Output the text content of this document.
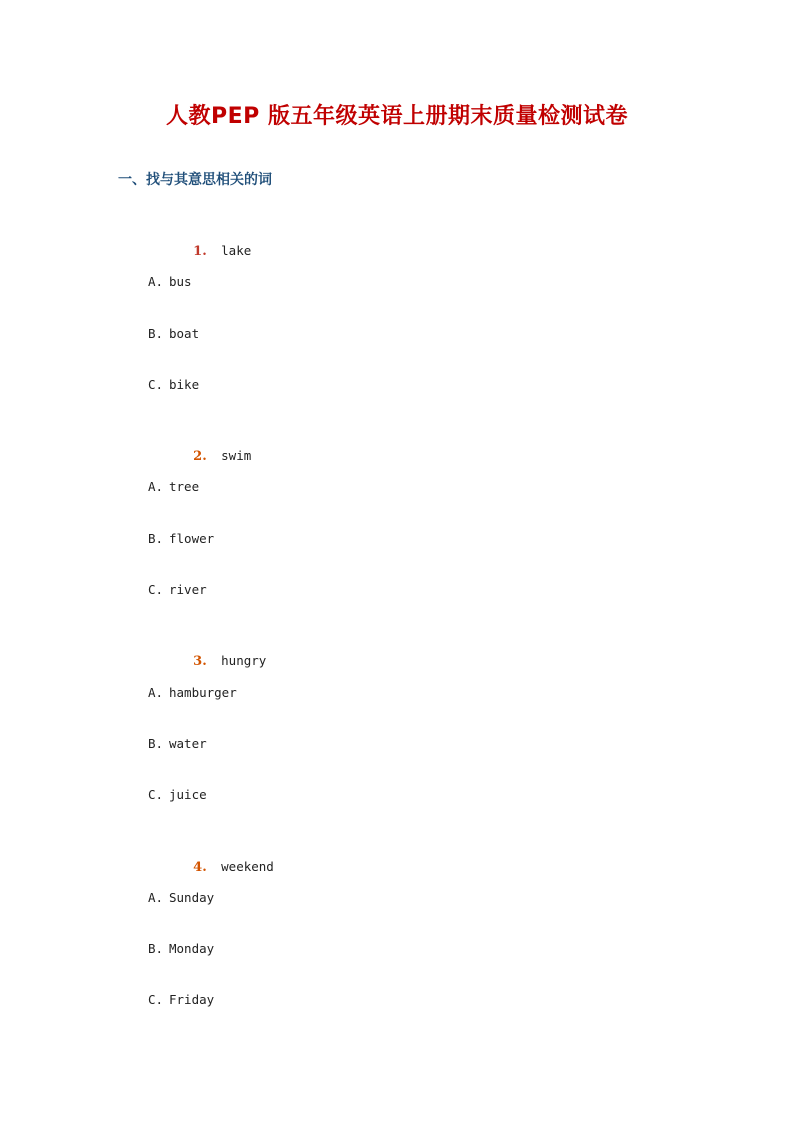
人教PEP 版五年级英语上册期末质量检测试卷
一、找与其意思相关的词

1. lake

A. bus
B. boat
C. bike

2. swim

A. tree
B. flower
C. river

3. hungry

A. hamburger
B. water
C. juice

4. weekend

A. Sunday
B. Monday
C. Friday
